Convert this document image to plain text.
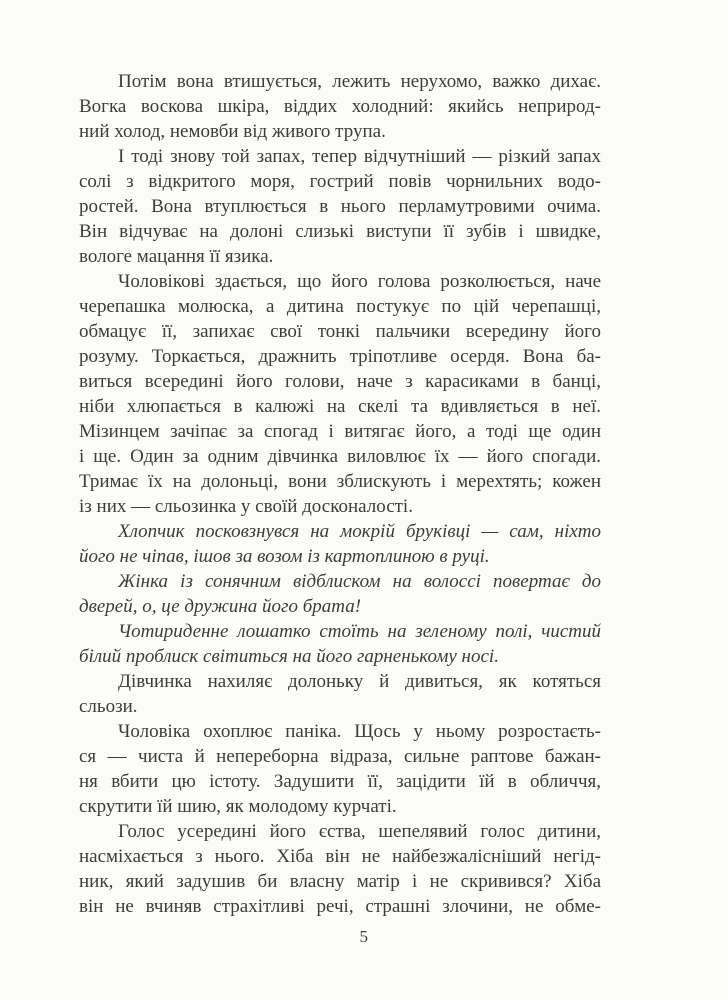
Потім вона втишується, лежить нерухомо, важко дихає.
Вогка воскова шкіра, віддих холодний: якийсь неприрод-
ний холод, немовби від живого трупа.
І тоді знову той запах, тепер відчутніший — різкий запах
солі з відкритого моря, гострий повів чорнильних водо-
ростей. Вона втуплюється в нього перламутровими очима.
Він відчуває на долоні слизькі виступи її зубів і швидке,
вологе мацання її язика.
Чоловікові здається, що його голова розколюється, наче
черепашка молюска, а дитина постукує по цій черепашці,
обмацує її, запихає свої тонкі пальчики всередину його
розуму. Торкається, дражнить тріпотливе осердя. Вона ба-
виться всередині його голови, наче з карасиками в банці,
ніби хлюпається в калюжі на скелі та вдивляється в неї.
Мізинцем зачіпає за спогад і витягає його, а тоді ще один
і ще. Один за одним дівчинка виловлює їх — його спогади.
Тримає їх на долоньці, вони зблискують і мерехтять; кожен
із них — сльозинка у своїй досконалості.
Хлопчик посковзнувся на мокрій бруківці — сам, ніхто
його не чіпав, ішов за возом із картоплиною в руці.
Жінка із сонячним відблиском на волоссі повертає до
дверей, о, це дружина його брата!
Чотириденне лошатко стоїть на зеленому полі, чистий
білий проблиск світиться на його гарненькому носі.
Дівчинка нахиляє долоньку й дивиться, як котяться
сльози.
Чоловіка охоплює паніка. Щось у ньому розростаєть-
ся — чиста й непереборна відраза, сильне раптове бажан-
ня вбити цю істоту. Задушити її, зацідити їй в обличчя,
скрутити їй шию, як молодому курчаті.
Голос усередині його єства, шепелявий голос дитини,
насміхається з нього. Хіба він не найбезжалісніший негід-
ник, який задушив би власну матір і не скривився? Хіба
він не вчиняв страхітливі речі, страшні злочини, не обме-
5
